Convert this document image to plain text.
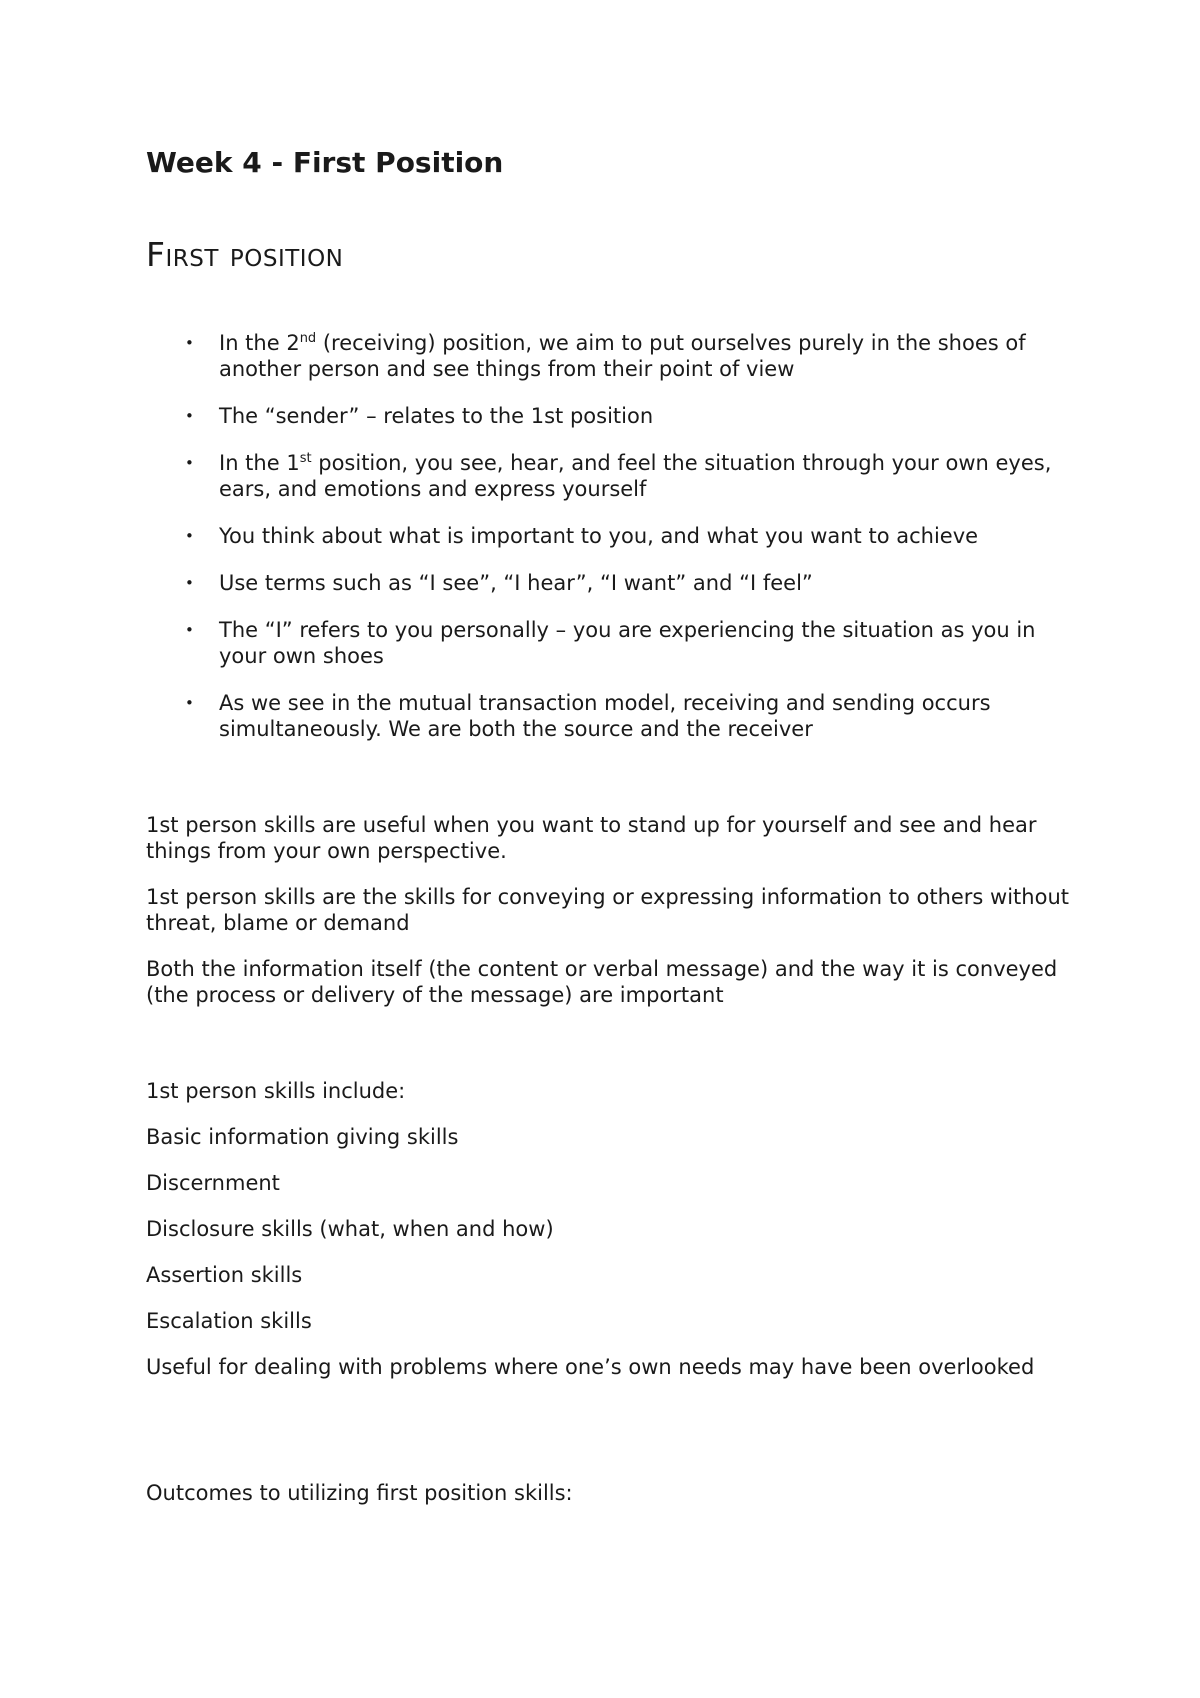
Week 4 - First Position
First position
• In the 2nd (receiving) position, we aim to put ourselves purely in the shoes of another person and see things from their point of view
• The “sender” – relates to the 1st position
• In the 1st position, you see, hear, and feel the situation through your own eyes, ears, and emotions and express yourself
• You think about what is important to you, and what you want to achieve
• Use terms such as “I see”, “I hear”, “I want” and “I feel”
• The “I” refers to you personally – you are experiencing the situation as you in your own shoes
• As we see in the mutual transaction model, receiving and sending occurs simultaneously. We are both the source and the receiver

1st person skills are useful when you want to stand up for yourself and see and hear things from your own perspective.

1st person skills are the skills for conveying or expressing information to others without threat, blame or demand

Both the information itself (the content or verbal message) and the way it is conveyed (the process or delivery of the message) are important

1st person skills include:

Basic information giving skills

Discernment

Disclosure skills (what, when and how)

Assertion skills

Escalation skills

Useful for dealing with problems where one’s own needs may have been overlooked

Outcomes to utilizing first position skills:
